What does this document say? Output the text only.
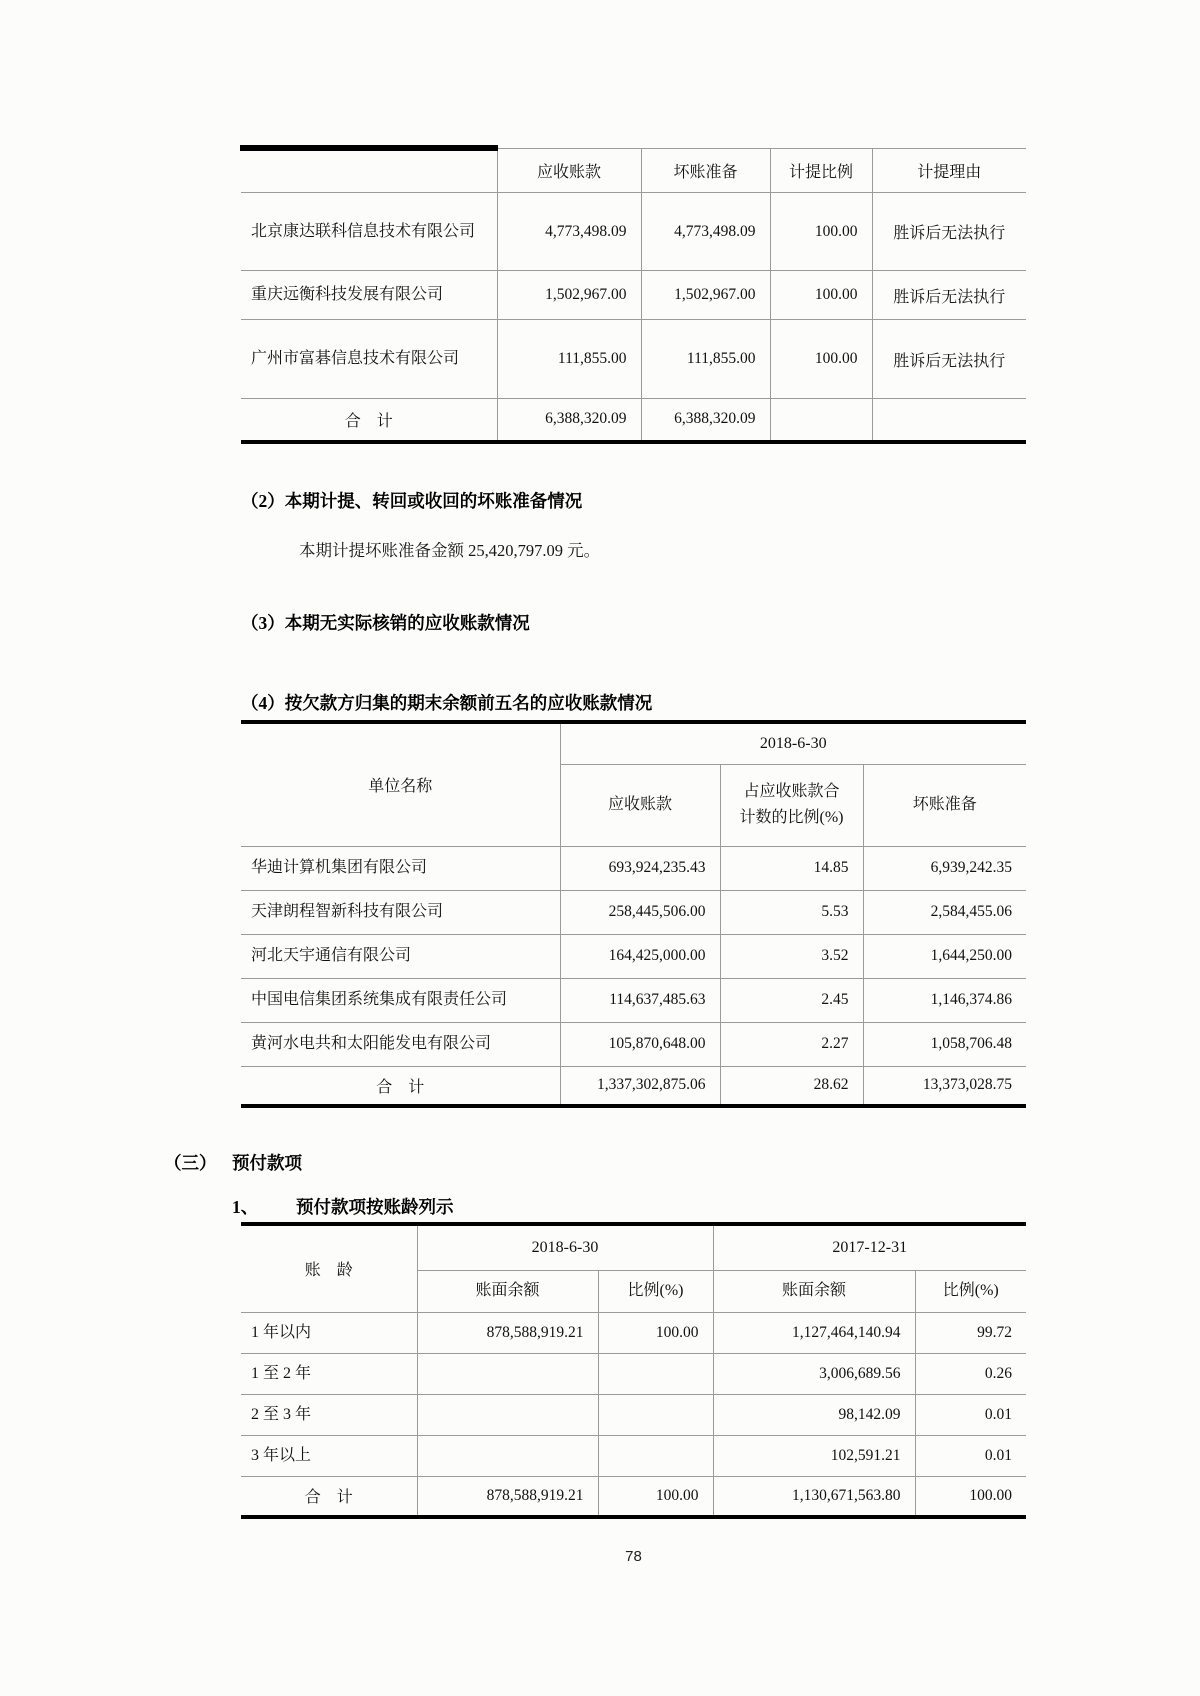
	应收账款	坏账准备	计提比例	计提理由
北京康达联科信息技术有限公司	4,773,498.09	4,773,498.09	100.00	胜诉后无法执行
重庆远衡科技发展有限公司	1,502,967.00	1,502,967.00	100.00	胜诉后无法执行
广州市富碁信息技术有限公司	111,855.00	111,855.00	100.00	胜诉后无法执行
合　计	6,388,320.09	6,388,320.09		
（2）本期计提、转回或收回的坏账准备情况
本期计提坏账准备金额 25,420,797.09 元。
（3）本期无实际核销的应收账款情况
（4）按欠款方归集的期末余额前五名的应收账款情况
单位名称	2018-6-30		
	应收账款	占应收账款合计数的比例(%)	坏账准备
华迪计算机集团有限公司	693,924,235.43	14.85	6,939,242.35
天津朗程智新科技有限公司	258,445,506.00	5.53	2,584,455.06
河北天宇通信有限公司	164,425,000.00	3.52	1,644,250.00
中国电信集团系统集成有限责任公司	114,637,485.63	2.45	1,146,374.86
黄河水电共和太阳能发电有限公司	105,870,648.00	2.27	1,058,706.48
合　计	1,337,302,875.06	28.62	13,373,028.75
（三） 预付款项
1、 预付款项按账龄列示
账　龄	2018-6-30		2017-12-31	
	账面余额	比例(%)	账面余额	比例(%)
1 年以内	878,588,919.21	100.00	1,127,464,140.94	99.72
1 至 2 年			3,006,689.56	0.26
2 至 3 年			98,142.09	0.01
3 年以上			102,591.21	0.01
合　计	878,588,919.21	100.00	1,130,671,563.80	100.00
78
